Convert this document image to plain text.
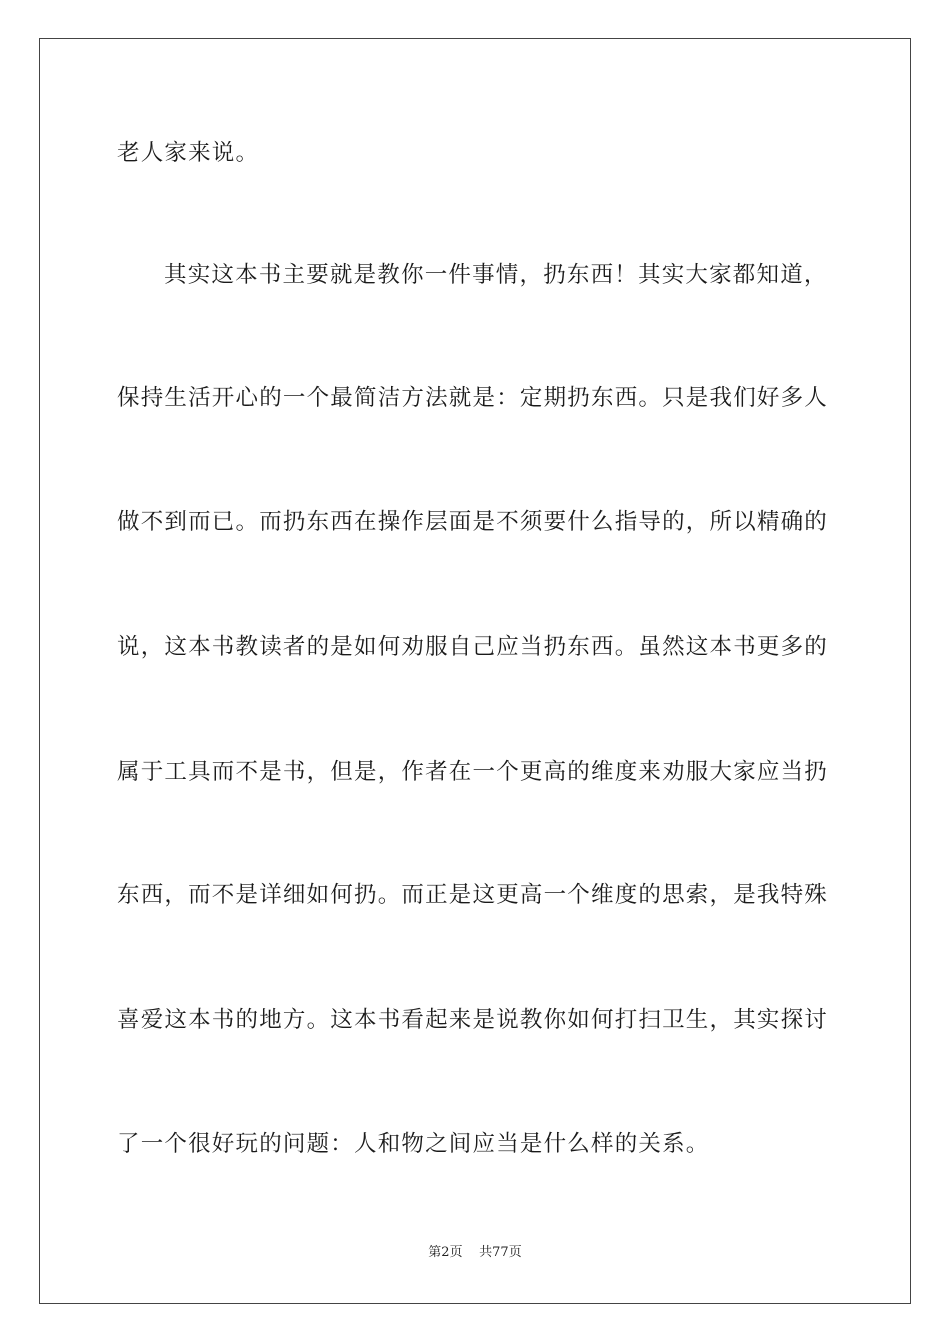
老人家来说。

其实这本书主要就是教你一件事情，扔东西！其实大家都知道，

保持生活开心的一个最简洁方法就是：定期扔东西。只是我们好多人

做不到而已。而扔东西在操作层面是不须要什么指导的，所以精确的

说，这本书教读者的是如何劝服自己应当扔东西。虽然这本书更多的

属于工具而不是书，但是，作者在一个更高的维度来劝服大家应当扔

东西，而不是详细如何扔。而正是这更高一个维度的思索，是我特殊

喜爱这本书的地方。这本书看起来是说教你如何打扫卫生，其实探讨

了一个很好玩的问题：人和物之间应当是什么样的关系。

第2页 共77页
